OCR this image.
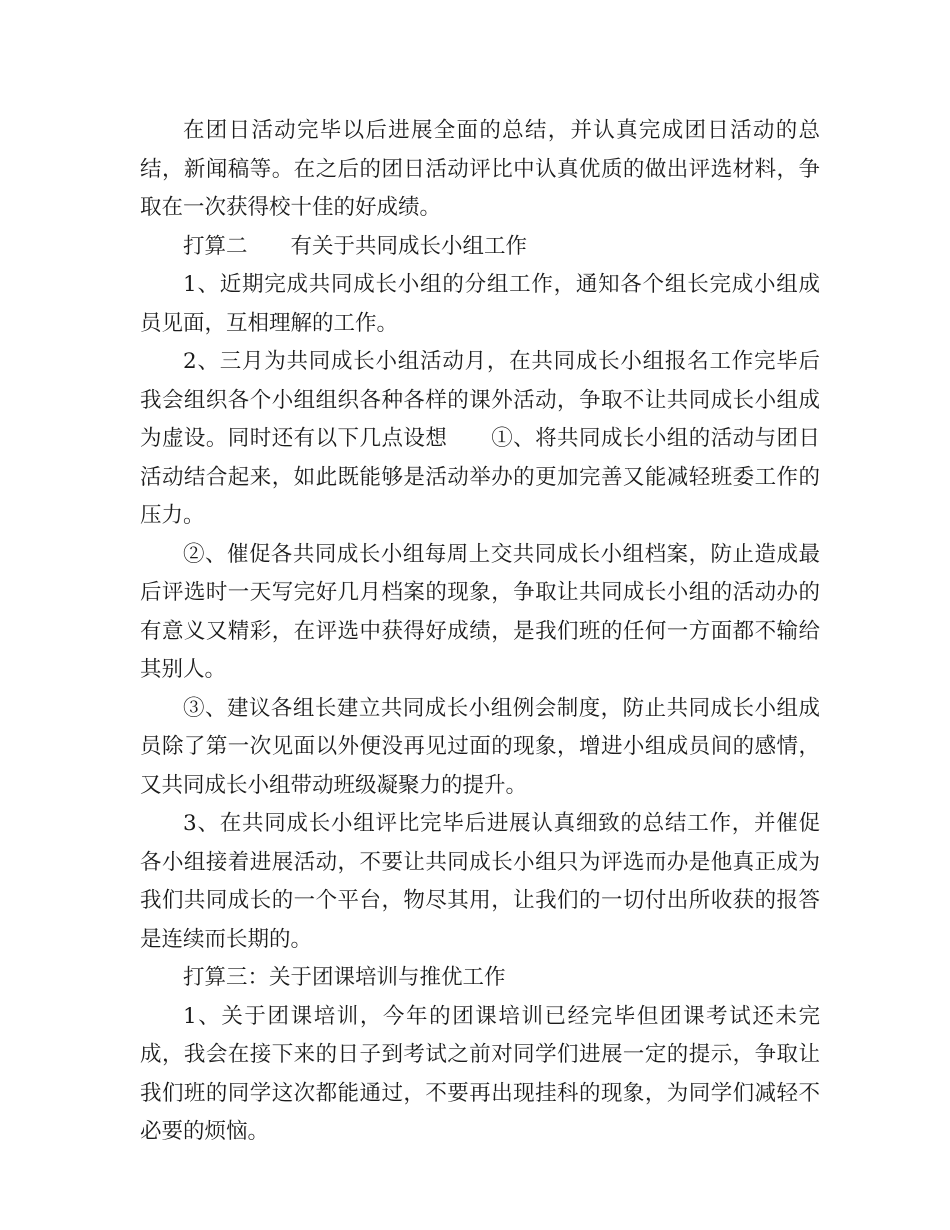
在团日活动完毕以后进展全面的总结，并认真完成团日活动的总结，新闻稿等。在之后的团日活动评比中认真优质的做出评选材料，争取在一次获得校十佳的好成绩。

打算二　　有关于共同成长小组工作

1、近期完成共同成长小组的分组工作，通知各个组长完成小组成员见面，互相理解的工作。

2、三月为共同成长小组活动月，在共同成长小组报名工作完毕后我会组织各个小组组织各种各样的课外活动，争取不让共同成长小组成为虚设。同时还有以下几点设想　　①、将共同成长小组的活动与团日活动结合起来，如此既能够是活动举办的更加完善又能减轻班委工作的压力。

②、催促各共同成长小组每周上交共同成长小组档案，防止造成最后评选时一天写完好几月档案的现象，争取让共同成长小组的活动办的有意义又精彩，在评选中获得好成绩，是我们班的任何一方面都不输给其别人。

③、建议各组长建立共同成长小组例会制度，防止共同成长小组成员除了第一次见面以外便没再见过面的现象，增进小组成员间的感情，又共同成长小组带动班级凝聚力的提升。

3、在共同成长小组评比完毕后进展认真细致的总结工作，并催促各小组接着进展活动，不要让共同成长小组只为评选而办是他真正成为我们共同成长的一个平台，物尽其用，让我们的一切付出所收获的报答是连续而长期的。

打算三：关于团课培训与推优工作

1、关于团课培训，今年的团课培训已经完毕但团课考试还未完成，我会在接下来的日子到考试之前对同学们进展一定的提示，争取让我们班的同学这次都能通过，不要再出现挂科的现象，为同学们减轻不必要的烦恼。
